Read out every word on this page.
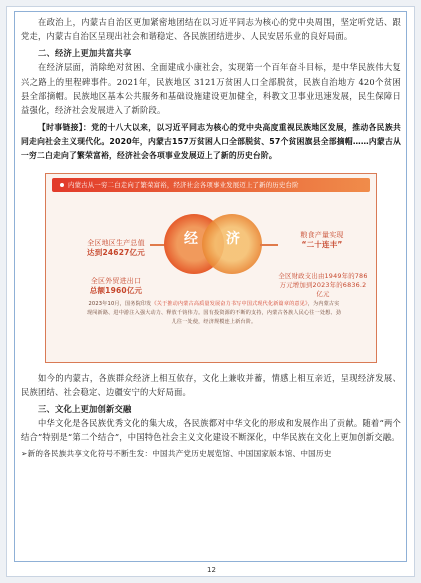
在政治上，内蒙古自治区更加紧密地团结在以习近平同志为核心的党中央周围，坚定听党话、跟党走，内蒙古自治区呈现出社会和谐稳定、各民族团结进步、人民安居乐业的良好局面。

二、经济上更加共富共享

在经济层面，消除绝对贫困、全面建成小康社会，实现第一个百年奋斗目标，是中华民族伟大复兴之路上的里程碑事件。2021年，民族地区 3121万贫困人口全部脱贫，民族自治地方 420个贫困县全部摘帽。民族地区基本公共服务和基础设施建设更加健全，科教文卫事业迅速发展，民生保障日益强化，经济社会发展进入了新阶段。

【时事链接】：党的十八大以来，以习近平同志为核心的党中央高度重视民族地区发展，推动各民族共同走向社会主义现代化。2020年，内蒙古157万贫困人口全部脱贫、57个贫困旗县全部摘帽……内蒙古从一穷二白走向了繁荣富裕，经济社会各项事业发展迈上了新的历史台阶。

内蒙古从一穷二白走向了繁荣富裕，经济社会各项事业发展迈上了新的历史台阶
全区地区生产总值
达到24627亿元
全区外贸进出口
总额1960亿元
经 济	粮食产量实现
“二十连丰”
全区财政支出由1949年的786万元增加到2023年的6836.2亿元
2023年10月，国务院印发《关于推动内蒙古高质量发展奋力书写中国式现代化新篇章的意见》，为内蒙古实现闯新路、进中游注入强大动力、释放千钧伟力。国有投资源的不断的支持，内蒙古各族人民心往一处想、劲儿往一处使，经济规模连上新台阶。

如今的内蒙古，各族群众经济上相互依存，文化上兼收并蓄，情感上相互亲近，呈现经济发展、民族团结、社会稳定、边疆安宁的大好局面。

三、文化上更加创新交融

中华文化是各民族优秀文化的集大成，各民族都对中华文化的形成和发展作出了贡献。随着“两个结合”特别是“第二个结合”，中国特色社会主义文化建设不断深化，中华民族在文化上更加创新交融。

➢新的各民族共享文化符号不断生发：中国共产党历史展览馆、中国国家版本馆、中国历史

12
